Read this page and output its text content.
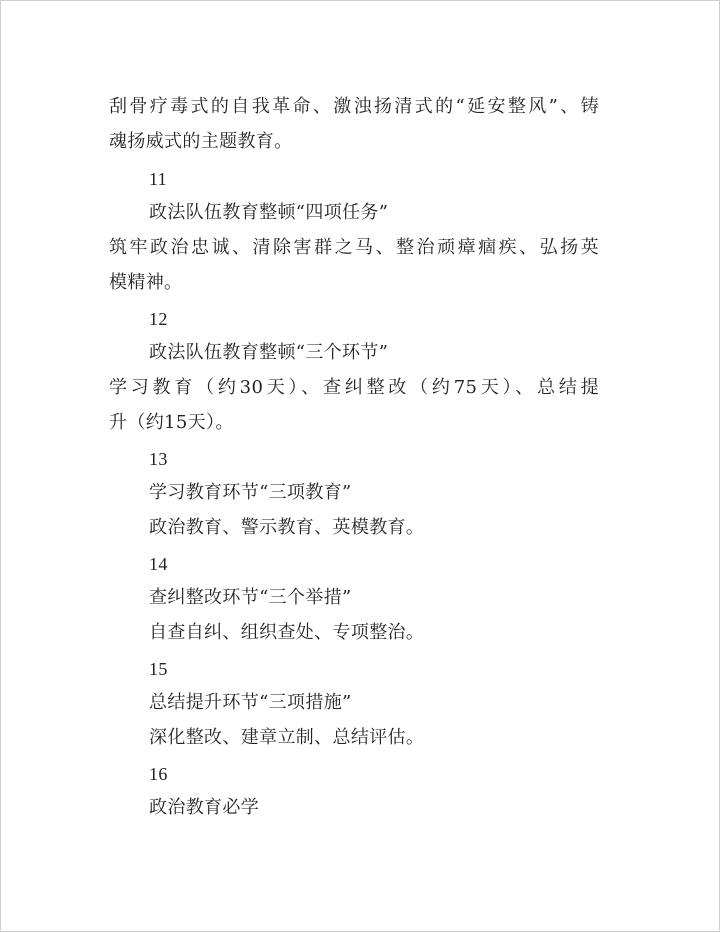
刮骨疗毒式的自我革命、激浊扬清式的“延安整风”、铸
魂扬威式的主题教育。
11
政法队伍教育整顿“四项任务”
筑牢政治忠诚、清除害群之马、整治顽瘴痼疾、弘扬英
模精神。
12
政法队伍教育整顿“三个环节”
学习教育（约30天）、查纠整改（约75天）、总结提
升（约15天）。
13
学习教育环节“三项教育”
政治教育、警示教育、英模教育。
14
查纠整改环节“三个举措”
自查自纠、组织查处、专项整治。
15
总结提升环节“三项措施”
深化整改、建章立制、总结评估。
16
政治教育必学
